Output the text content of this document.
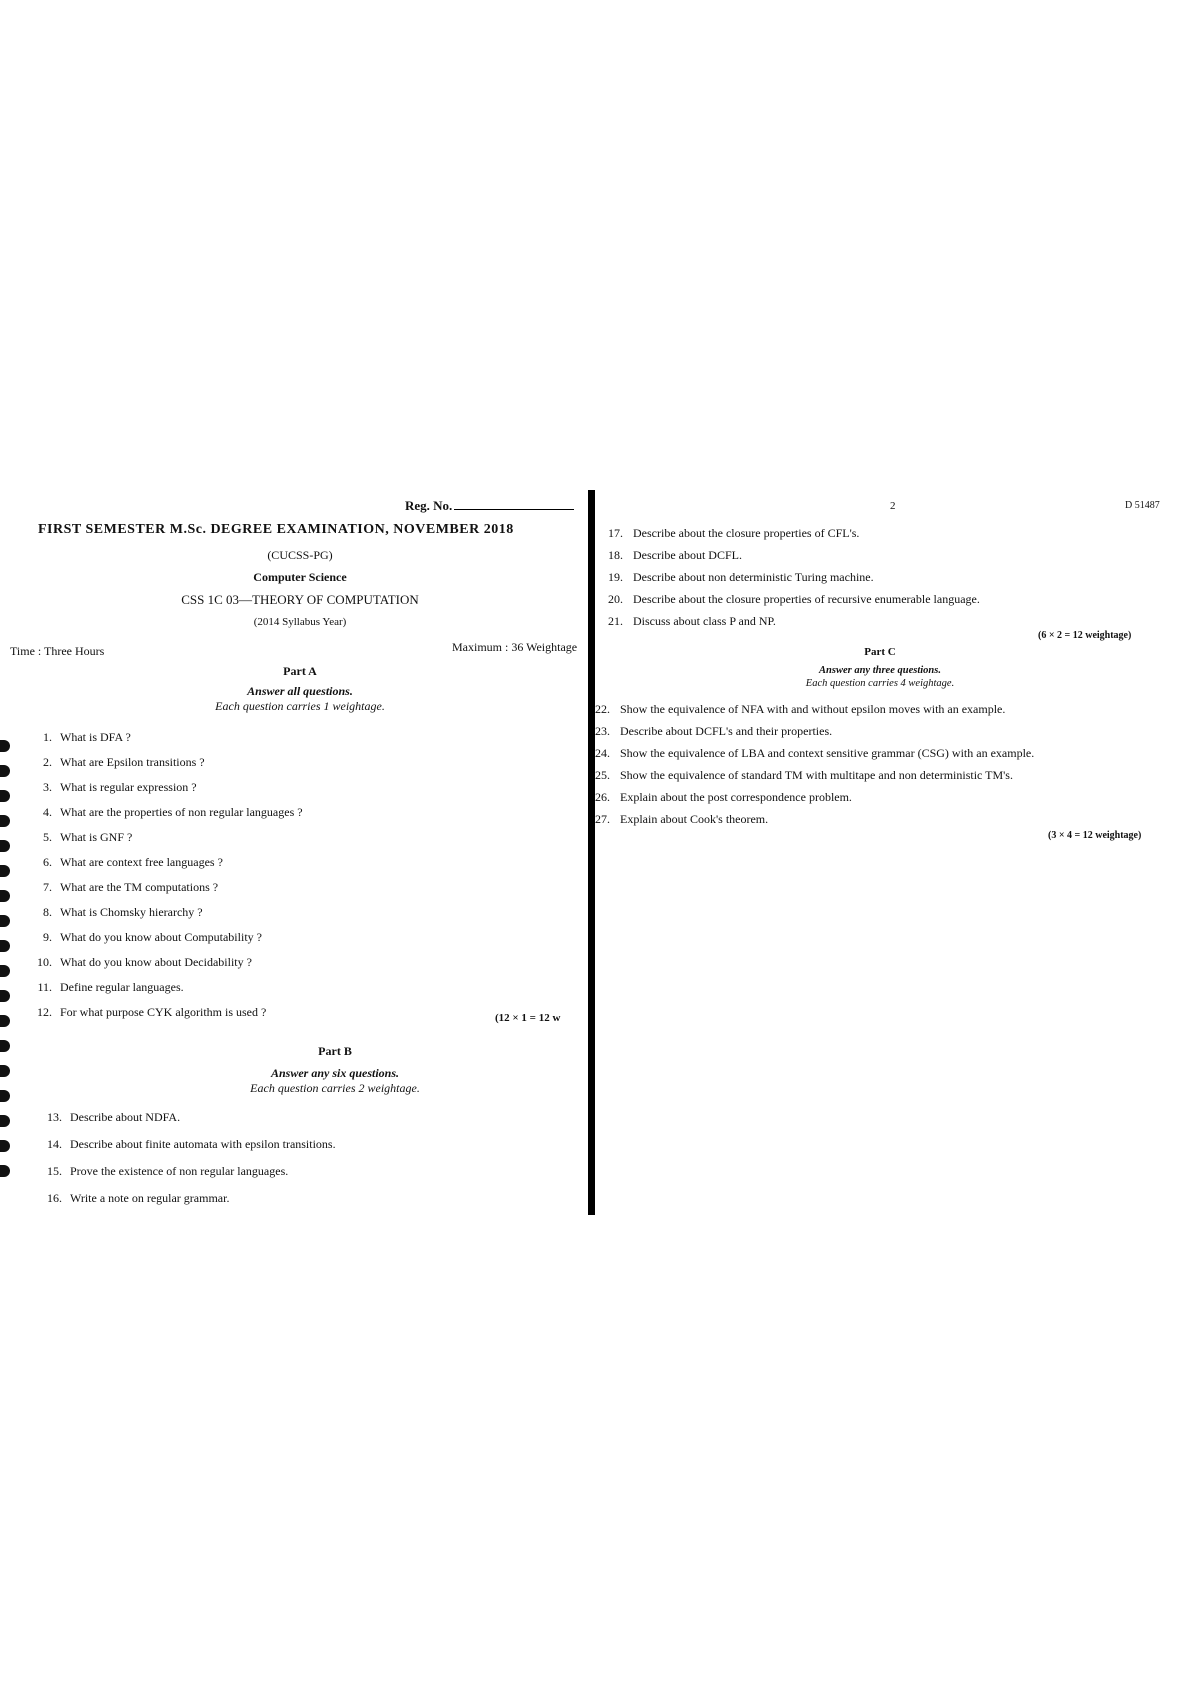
Reg. No.
FIRST SEMESTER M.Sc. DEGREE EXAMINATION, NOVEMBER 2018
(CUCSS-PG)
Computer Science
CSS 1C 03—THEORY OF COMPUTATION
(2014 Syllabus Year)
Time : Three Hours	Maximum : 36 Weightage
Part A
Answer all questions.
Each question carries 1 weightage.
1. What is DFA ?
2. What are Epsilon transitions ?
3. What is regular expression ?
4. What are the properties of non regular languages ?
5. What is GNF ?
6. What are context free languages ?
7. What are the TM computations ?
8. What is Chomsky hierarchy ?
9. What do you know about Computability ?
10. What do you know about Decidability ?
11. Define regular languages.
12. For what purpose CYK algorithm is used ?	(12 × 1 = 12 w
Part B
Answer any six questions.
Each question carries 2 weightage.
13. Describe about NDFA.
14. Describe about finite automata with epsilon transitions.
15. Prove the existence of non regular languages.
16. Write a note on regular grammar.
2	D 51487
17. Describe about the closure properties of CFL's.
18. Describe about DCFL.
19. Describe about non deterministic Turing machine.
20. Describe about the closure properties of recursive enumerable language.
21. Discuss about class P and NP.
(6 × 2 = 12 weightage)
Part C
Answer any three questions.
Each question carries 4 weightage.
22. Show the equivalence of NFA with and without epsilon moves with an example.
23. Describe about DCFL's and their properties.
24. Show the equivalence of LBA and context sensitive grammar (CSG) with an example.
25. Show the equivalence of standard TM with multitape and non deterministic TM's.
26. Explain about the post correspondence problem.
27. Explain about Cook's theorem.
(3 × 4 = 12 weightage)
